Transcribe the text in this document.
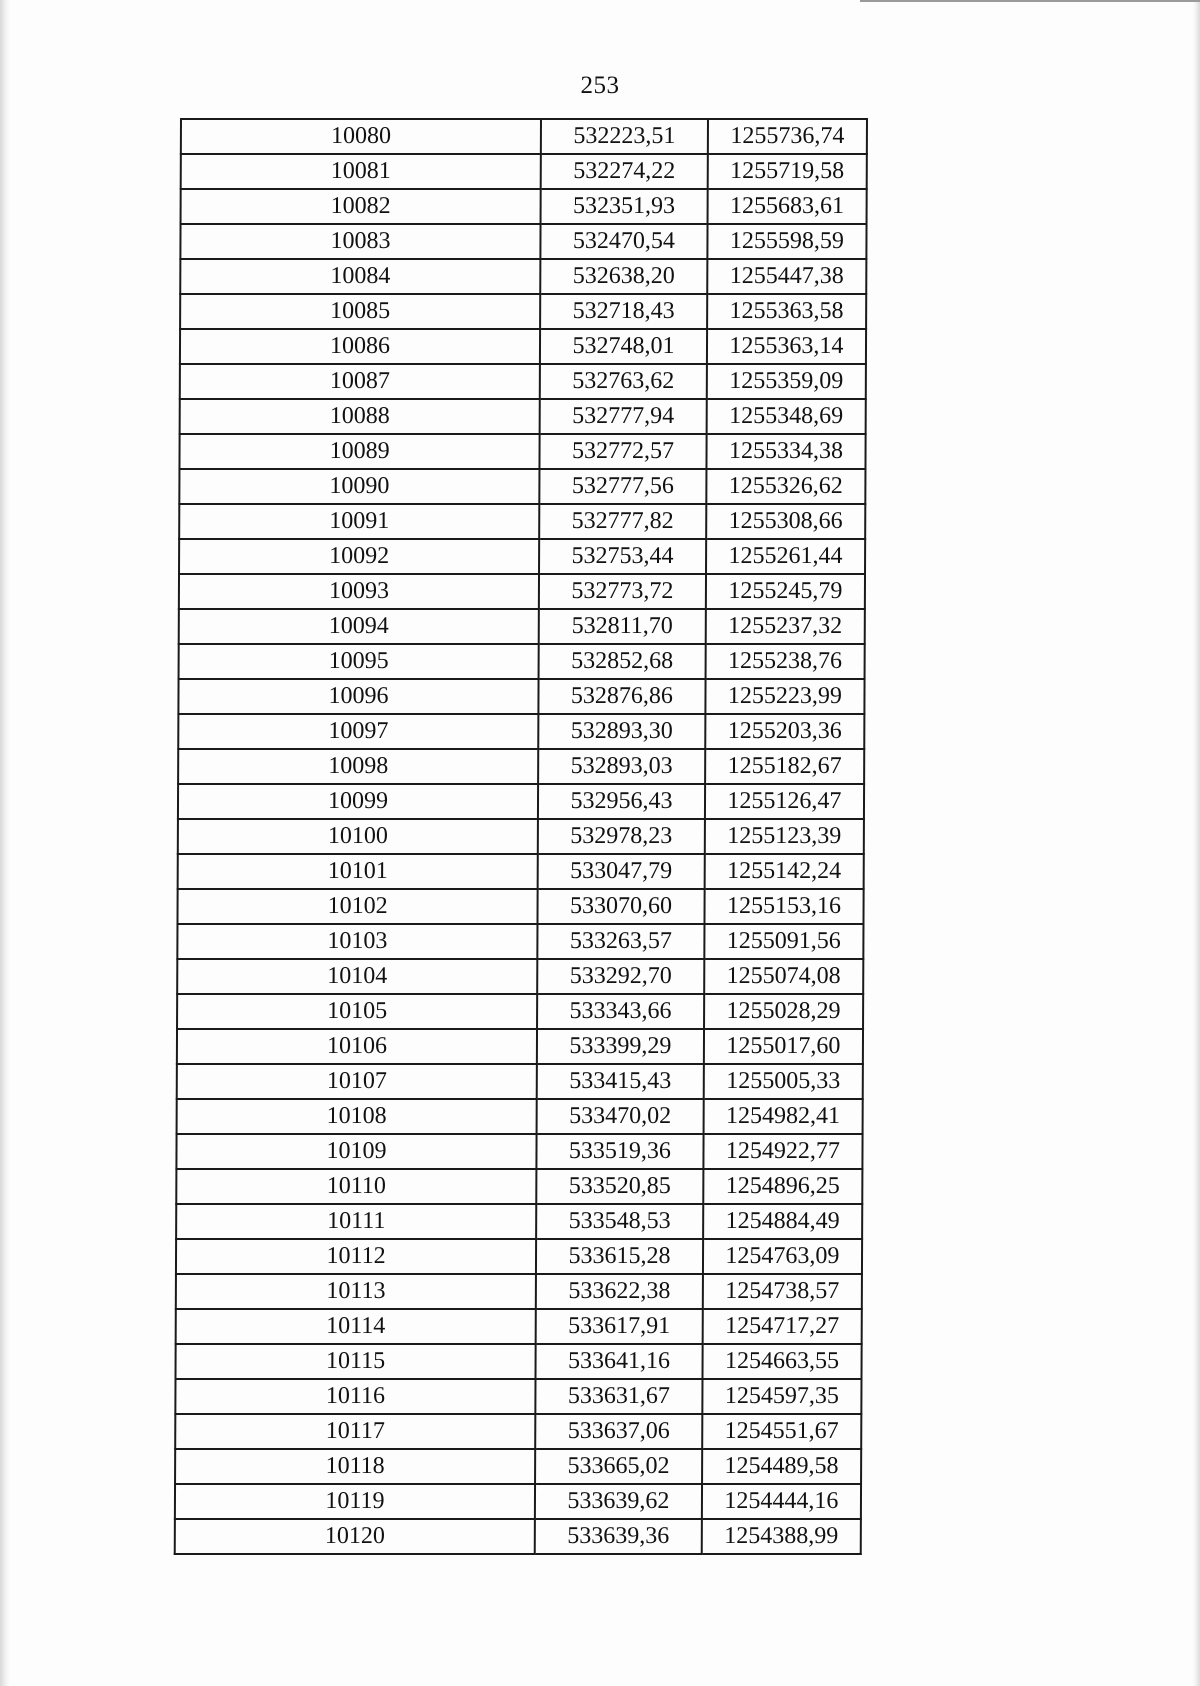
253
10080	532223,51	1255736,74
10081	532274,22	1255719,58
10082	532351,93	1255683,61
10083	532470,54	1255598,59
10084	532638,20	1255447,38
10085	532718,43	1255363,58
10086	532748,01	1255363,14
10087	532763,62	1255359,09
10088	532777,94	1255348,69
10089	532772,57	1255334,38
10090	532777,56	1255326,62
10091	532777,82	1255308,66
10092	532753,44	1255261,44
10093	532773,72	1255245,79
10094	532811,70	1255237,32
10095	532852,68	1255238,76
10096	532876,86	1255223,99
10097	532893,30	1255203,36
10098	532893,03	1255182,67
10099	532956,43	1255126,47
10100	532978,23	1255123,39
10101	533047,79	1255142,24
10102	533070,60	1255153,16
10103	533263,57	1255091,56
10104	533292,70	1255074,08
10105	533343,66	1255028,29
10106	533399,29	1255017,60
10107	533415,43	1255005,33
10108	533470,02	1254982,41
10109	533519,36	1254922,77
10110	533520,85	1254896,25
10111	533548,53	1254884,49
10112	533615,28	1254763,09
10113	533622,38	1254738,57
10114	533617,91	1254717,27
10115	533641,16	1254663,55
10116	533631,67	1254597,35
10117	533637,06	1254551,67
10118	533665,02	1254489,58
10119	533639,62	1254444,16
10120	533639,36	1254388,99
